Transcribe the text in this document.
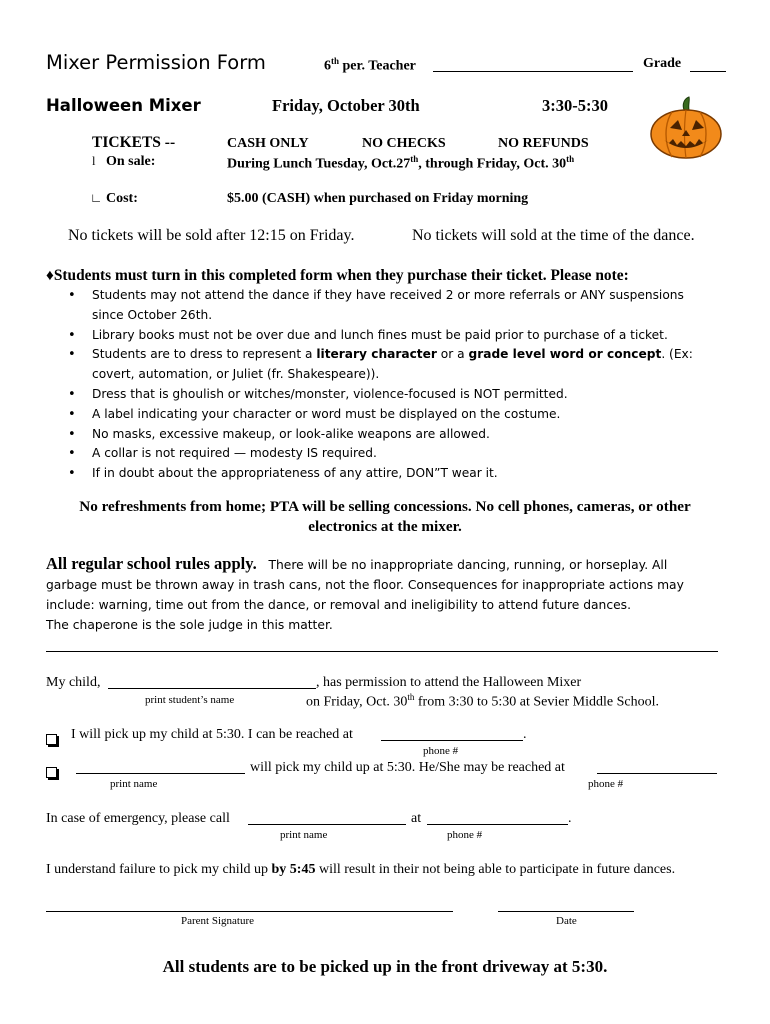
Mixer Permission Form	6th per. Teacher	Grade
Halloween Mixer	Friday, October 30th	3:30-5:30
TICKETS --	CASH ONLY	NO CHECKS	NO REFUNDS
l On sale:	During Lunch Tuesday, Oct.27th, through Friday, Oct. 30th
∟ Cost:	$5.00 (CASH) when purchased on Friday morning
No tickets will be sold after 12:15 on Friday.	No tickets will sold at the time of the dance.
♦Students must turn in this completed form when they purchase their ticket. Please note:
• Students may not attend the dance if they have received 2 or more referrals or ANY suspensions
since October 26th.
• Library books must not be over due and lunch fines must be paid prior to purchase of a ticket.
• Students are to dress to represent a literary character or a grade level word or concept. (Ex:
covert, automation, or Juliet (fr. Shakespeare)).
• Dress that is ghoulish or witches/monster, violence-focused is NOT permitted.
• A label indicating your character or word must be displayed on the costume.
• No masks, excessive makeup, or look-alike weapons are allowed.
• A collar is not required — modesty IS required.
• If in doubt about the appropriateness of any attire, DON”T wear it.
No refreshments from home; PTA will be selling concessions. No cell phones, cameras, or other
electronics at the mixer.
All regular school rules apply. There will be no inappropriate dancing, running, or horseplay. All
garbage must be thrown away in trash cans, not the floor. Consequences for inappropriate actions may
include: warning, time out from the dance, or removal and ineligibility to attend future dances.
The chaperone is the sole judge in this matter.
My child,	, has permission to attend the Halloween Mixer
print student’s name	on Friday, Oct. 30th from 3:30 to 5:30 at Sevier Middle School.
I will pick up my child at 5:30. I can be reached at	.
phone #
will pick my child up at 5:30. He/She may be reached at
print name	phone #
In case of emergency, please call	at	.
print name	phone #
I understand failure to pick my child up by 5:45 will result in their not being able to participate in future dances.
Parent Signature	Date
All students are to be picked up in the front driveway at 5:30.
